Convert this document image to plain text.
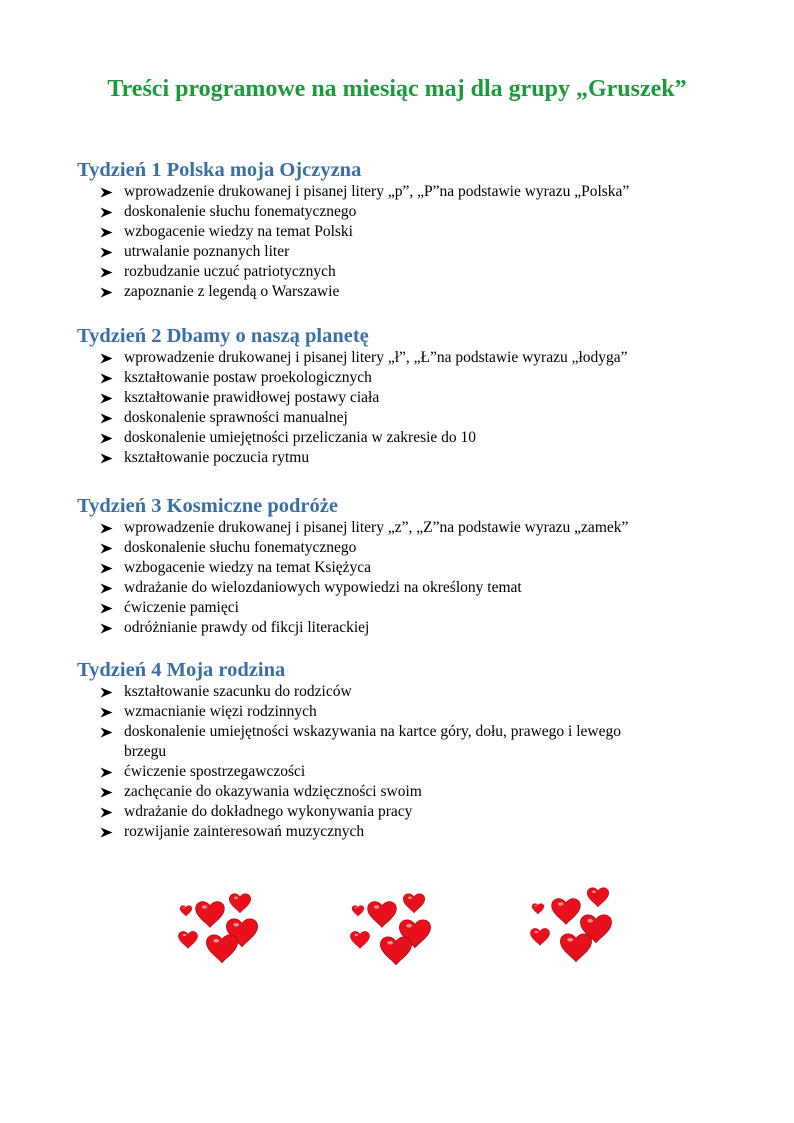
Treści programowe na miesiąc maj dla grupy „Gruszek”
Tydzień 1 Polska moja Ojczyzna
wprowadzenie drukowanej i pisanej litery „p”, „P”na podstawie wyrazu „Polska”
doskonalenie słuchu fonematycznego
wzbogacenie wiedzy na temat Polski
utrwalanie poznanych liter
rozbudzanie uczuć patriotycznych
zapoznanie z legendą o Warszawie
Tydzień 2 Dbamy o naszą planetę
wprowadzenie drukowanej i pisanej litery „ł”, „Ł”na podstawie wyrazu „łodyga”
kształtowanie postaw proekologicznych
kształtowanie prawidłowej postawy ciała
doskonalenie sprawności manualnej
doskonalenie umiejętności przeliczania w zakresie do 10
kształtowanie poczucia rytmu
Tydzień 3 Kosmiczne podróże
wprowadzenie drukowanej i pisanej litery „z”, „Z”na podstawie wyrazu „zamek”
doskonalenie słuchu fonematycznego
wzbogacenie wiedzy na temat Księżyca
wdrażanie do wielozdaniowych wypowiedzi na określony temat
ćwiczenie pamięci
odróżnianie prawdy od fikcji literackiej
Tydzień 4 Moja rodzina
kształtowanie szacunku do rodziców
wzmacnianie więzi rodzinnych
doskonalenie umiejętności wskazywania na kartce góry, dołu, prawego i lewego brzegu
ćwiczenie spostrzegawczości
zachęcanie do okazywania wdzięczności swoim
wdrażanie do dokładnego wykonywania pracy
rozwijanie zainteresowań muzycznych
